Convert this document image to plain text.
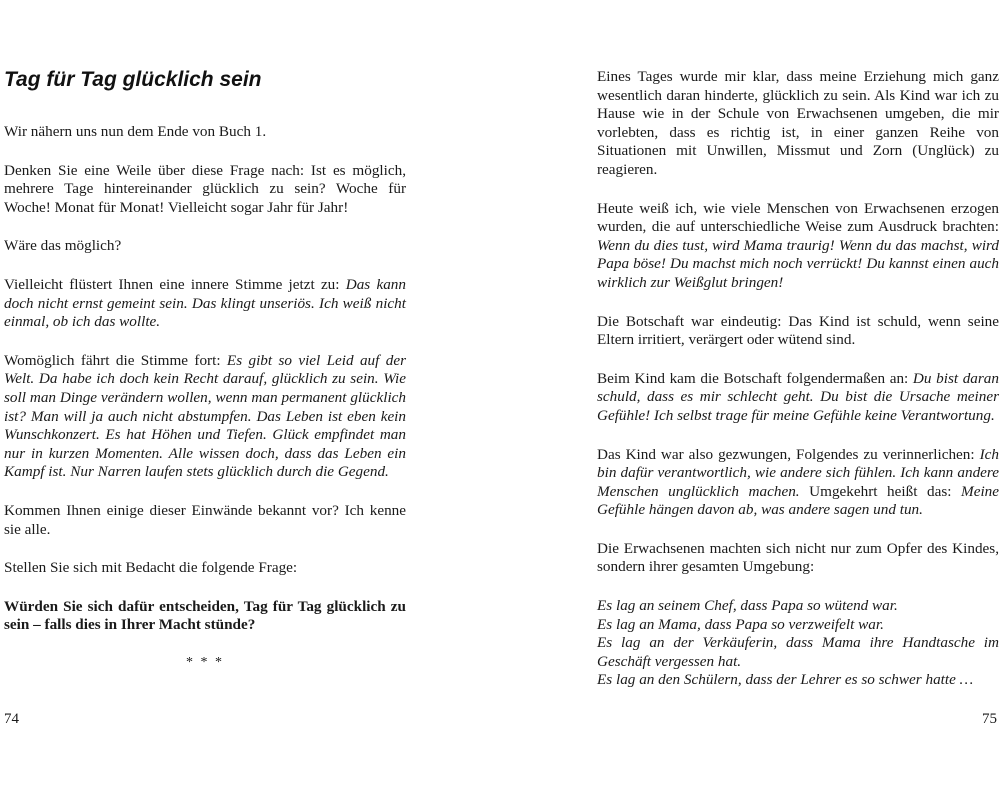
Tag für Tag glücklich sein

Wir nähern uns nun dem Ende von Buch 1.

Denken Sie eine Weile über diese Frage nach: Ist es möglich, mehrere Tage hintereinander glücklich zu sein? Woche für Woche! Monat für Monat! Vielleicht sogar Jahr für Jahr!

Wäre das möglich?

Vielleicht flüstert Ihnen eine innere Stimme jetzt zu: Das kann doch nicht ernst gemeint sein. Das klingt unseriös. Ich weiß nicht einmal, ob ich das wollte.

Womöglich fährt die Stimme fort: Es gibt so viel Leid auf der Welt. Da habe ich doch kein Recht darauf, glücklich zu sein. Wie soll man Dinge verändern wollen, wenn man permanent glücklich ist? Man will ja auch nicht abstumpfen. Das Leben ist eben kein Wunschkonzert. Es hat Höhen und Tiefen. Glück empfindet man nur in kurzen Momenten. Alle wissen doch, dass das Leben ein Kampf ist. Nur Narren laufen stets glücklich durch die Gegend.

Kommen Ihnen einige dieser Einwände bekannt vor? Ich kenne sie alle.

Stellen Sie sich mit Bedacht die folgende Frage:

Würden Sie sich dafür entscheiden, Tag für Tag glücklich zu sein – falls dies in Ihrer Macht stünde?

* * *
74

Eines Tages wurde mir klar, dass meine Erziehung mich ganz wesentlich daran hinderte, glücklich zu sein. Als Kind war ich zu Hause wie in der Schule von Erwachsenen umgeben, die mir vorlebten, dass es richtig ist, in einer ganzen Reihe von Situationen mit Unwillen, Missmut und Zorn (Unglück) zu reagieren.

Heute weiß ich, wie viele Menschen von Erwachsenen erzogen wurden, die auf unterschiedliche Weise zum Ausdruck brachten: Wenn du dies tust, wird Mama traurig! Wenn du das machst, wird Papa böse! Du machst mich noch verrückt! Du kannst einen auch wirklich zur Weißglut bringen!

Die Botschaft war eindeutig: Das Kind ist schuld, wenn seine Eltern irritiert, verärgert oder wütend sind.

Beim Kind kam die Botschaft folgendermaßen an: Du bist daran schuld, dass es mir schlecht geht. Du bist die Ursache meiner Gefühle! Ich selbst trage für meine Gefühle keine Verantwortung.

Das Kind war also gezwungen, Folgendes zu verinnerlichen: Ich bin dafür verantwortlich, wie andere sich fühlen. Ich kann andere Menschen unglücklich machen. Umgekehrt heißt das: Meine Gefühle hängen davon ab, was andere sagen und tun.

Die Erwachsenen machten sich nicht nur zum Opfer des Kindes, sondern ihrer gesamten Umgebung:

Es lag an seinem Chef, dass Papa so wütend war.

Es lag an Mama, dass Papa so verzweifelt war.

Es lag an der Verkäuferin, dass Mama ihre Handtasche im Geschäft vergessen hat.

Es lag an den Schülern, dass der Lehrer es so schwer hatte …

75
